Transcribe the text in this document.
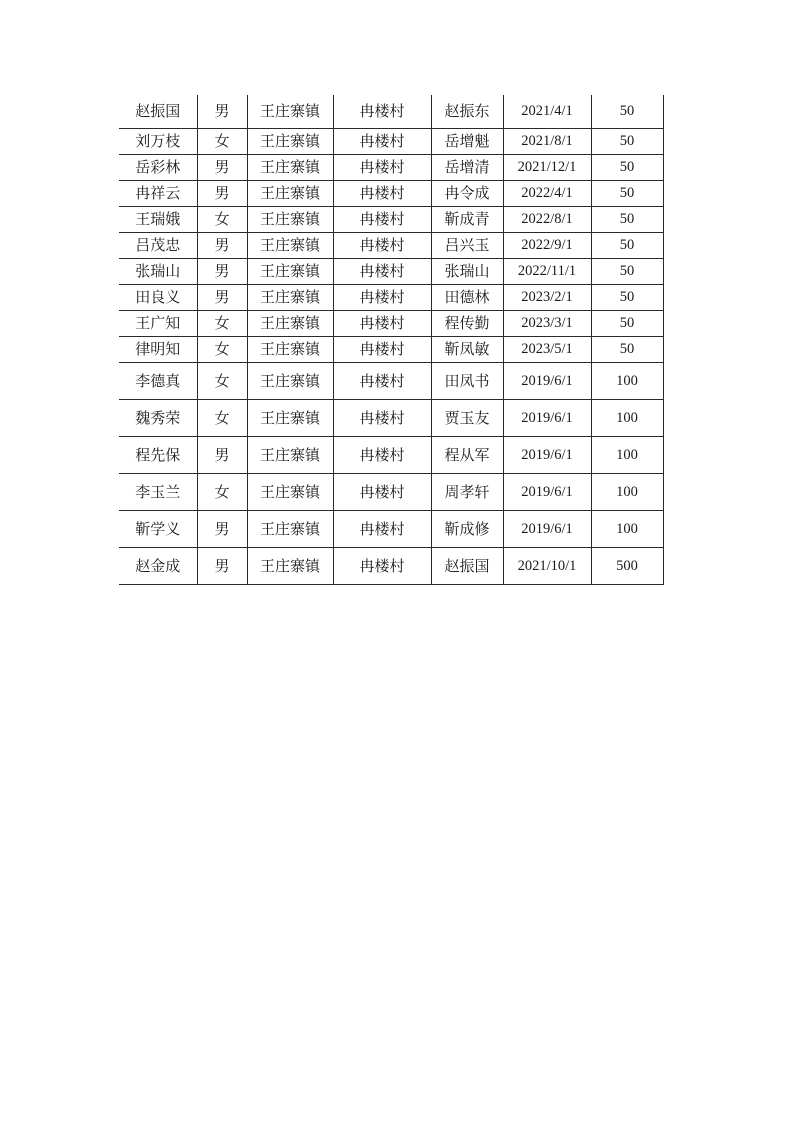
赵振国	男	王庄寨镇	冉楼村	赵振东	2021/4/1	50
刘万枝	女	王庄寨镇	冉楼村	岳增魁	2021/8/1	50
岳彩林	男	王庄寨镇	冉楼村	岳增清	2021/12/1	50
冉祥云	男	王庄寨镇	冉楼村	冉令成	2022/4/1	50
王瑞娥	女	王庄寨镇	冉楼村	靳成青	2022/8/1	50
吕茂忠	男	王庄寨镇	冉楼村	吕兴玉	2022/9/1	50
张瑞山	男	王庄寨镇	冉楼村	张瑞山	2022/11/1	50
田良义	男	王庄寨镇	冉楼村	田德林	2023/2/1	50
王广知	女	王庄寨镇	冉楼村	程传勤	2023/3/1	50
律明知	女	王庄寨镇	冉楼村	靳凤敏	2023/5/1	50
李德真	女	王庄寨镇	冉楼村	田凤书	2019/6/1	100
魏秀荣	女	王庄寨镇	冉楼村	贾玉友	2019/6/1	100
程先保	男	王庄寨镇	冉楼村	程从军	2019/6/1	100
李玉兰	女	王庄寨镇	冉楼村	周孝轩	2019/6/1	100
靳学义	男	王庄寨镇	冉楼村	靳成修	2019/6/1	100
赵金成	男	王庄寨镇	冉楼村	赵振国	2021/10/1	500
